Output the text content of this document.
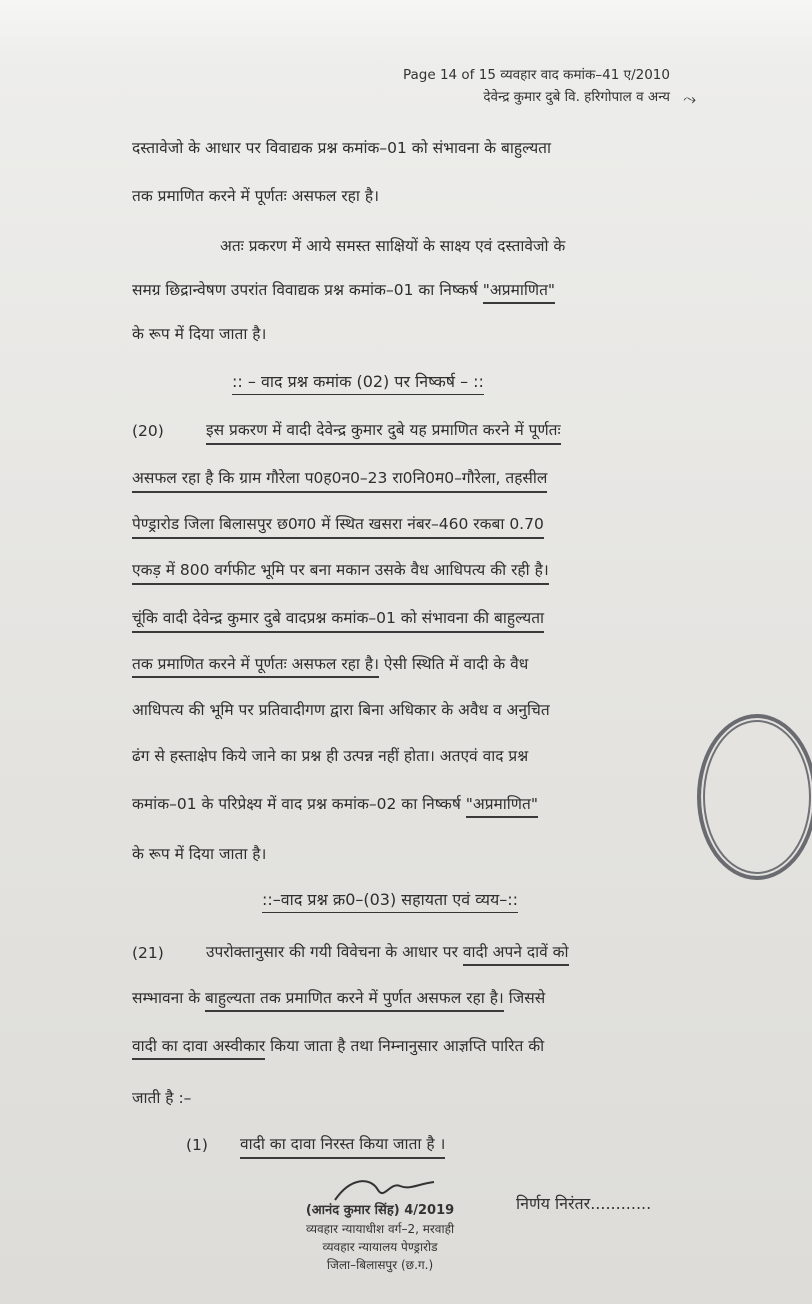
Page 14 of 15 व्यवहार वाद कमांक–41 ए/2010
देवेन्द्र कुमार दुबे वि. हरिगोपाल व अन्य ⤳
दस्तावेजो के आधार पर विवाद्यक प्रश्न कमांक–01 को संभावना के बाहुल्यता
तक प्रमाणित करने में पूर्णतः असफल रहा है।
अतः प्रकरण में आये समस्त साक्षियों के साक्ष्य एवं दस्तावेजो के
समग्र छिद्रान्वेषण उपरांत विवाद्यक प्रश्न कमांक–01 का निष्कर्ष "अप्रमाणित"
के रूप में दिया जाता है।
:: – वाद प्रश्न कमांक (02) पर निष्कर्ष – ::
(20)	इस प्रकरण में वादी देवेन्द्र कुमार दुबे यह प्रमाणित करने में पूर्णतः
असफल रहा है कि ग्राम गौरेला प0ह0न0–23 रा0नि0म0–गौरेला, तहसील
पेण्ड्रारोड जिला बिलासपुर छ0ग0 में स्थित खसरा नंबर–460 रकबा 0.70
एकड़ में 800 वर्गफीट भूमि पर बना मकान उसके वैध आधिपत्य की रही है।
चूंकि वादी देवेन्द्र कुमार दुबे वादप्रश्न कमांक–01 को संभावना की बाहुल्यता
तक प्रमाणित करने में पूर्णतः असफल रहा है। ऐसी स्थिति में वादी के वैध
आधिपत्य की भूमि पर प्रतिवादीगण द्वारा बिना अधिकार के अवैध व अनुचित
ढंग से हस्ताक्षेप किये जाने का प्रश्न ही उत्पन्न नहीं होता। अतएवं वाद प्रश्न
कमांक–01 के परिप्रेक्ष्य में वाद प्रश्न कमांक–02 का निष्कर्ष "अप्रमाणित"
के रूप में दिया जाता है।
::–वाद प्रश्न क्र0–(03) सहायता एवं व्यय–::
(21)	उपरोक्तानुसार की गयी विवेचना के आधार पर वादी अपने दावें को
सम्भावना के बाहुल्यता तक प्रमाणित करने में पुर्णत असफल रहा है। जिससे
वादी का दावा अस्वीकार किया जाता है तथा निम्नानुसार आज्ञप्ति पारित की
जाती है :–
(1) वादी का दावा निरस्त किया जाता है ।
(आनंद कुमार सिंह) 4/2019
व्यवहार न्यायाधीश वर्ग–2, मरवाही
व्यवहार न्यायालय पेण्ड्रारोड
जिला–बिलासपुर (छ.ग.)
निर्णय निरंतर............
